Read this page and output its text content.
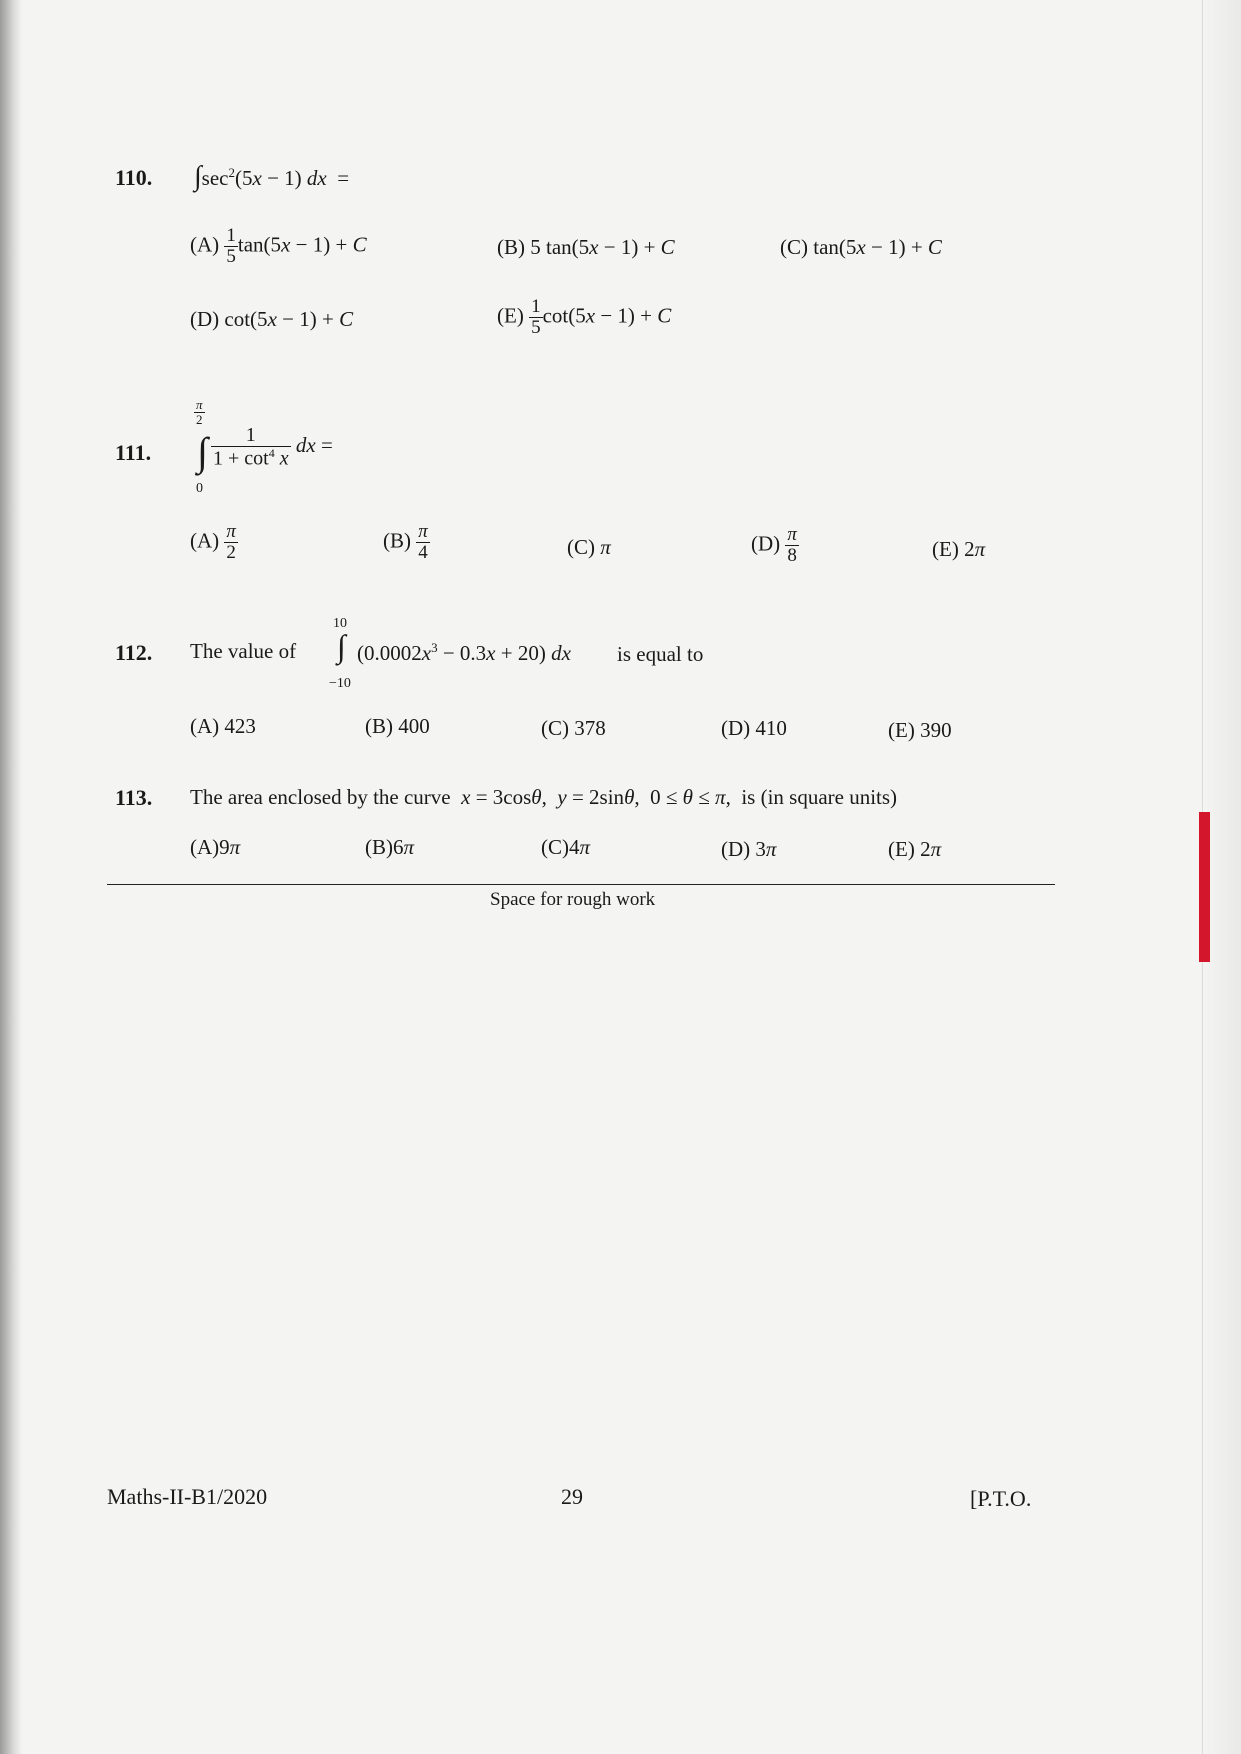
110. $\int\sec^2(5x - 1)$ dx  =
$(A) \frac{1}{5} \tan(5x - 1) + C$	(B) 5 tan(5x − 1) + C	(C) tan(5x − 1) + C
(D) cot(5x − 1) + C	$(E) \frac{1}{5} \cot(5x - 1) + C$
$\frac{\pi}{2}$
111. ∫
0
$\frac{1}{1 + \cot^4 x}$ dx =
$(A) \frac{\pi}{2}$	$(B) \frac{\pi}{4}$	(C) π	$(D) \frac{\pi}{8}$	(E) 2π
112. The value of
10
∫
−10
$(0.0002x^3 - 0.3x + 20)$ dx is equal to
(A) 423	(B) 400	(C) 378	(D) 410	(E) 390
113. The area enclosed by the curve  x = 3cosθ,  y = 2sinθ,  0 ≤ θ ≤ π,  is (in square units)
(A)9π	(B)6π	(C)4π	(D) 3π	(E) 2π
Space for rough work
Maths-II-B1/2020	29	[P.T.O.
